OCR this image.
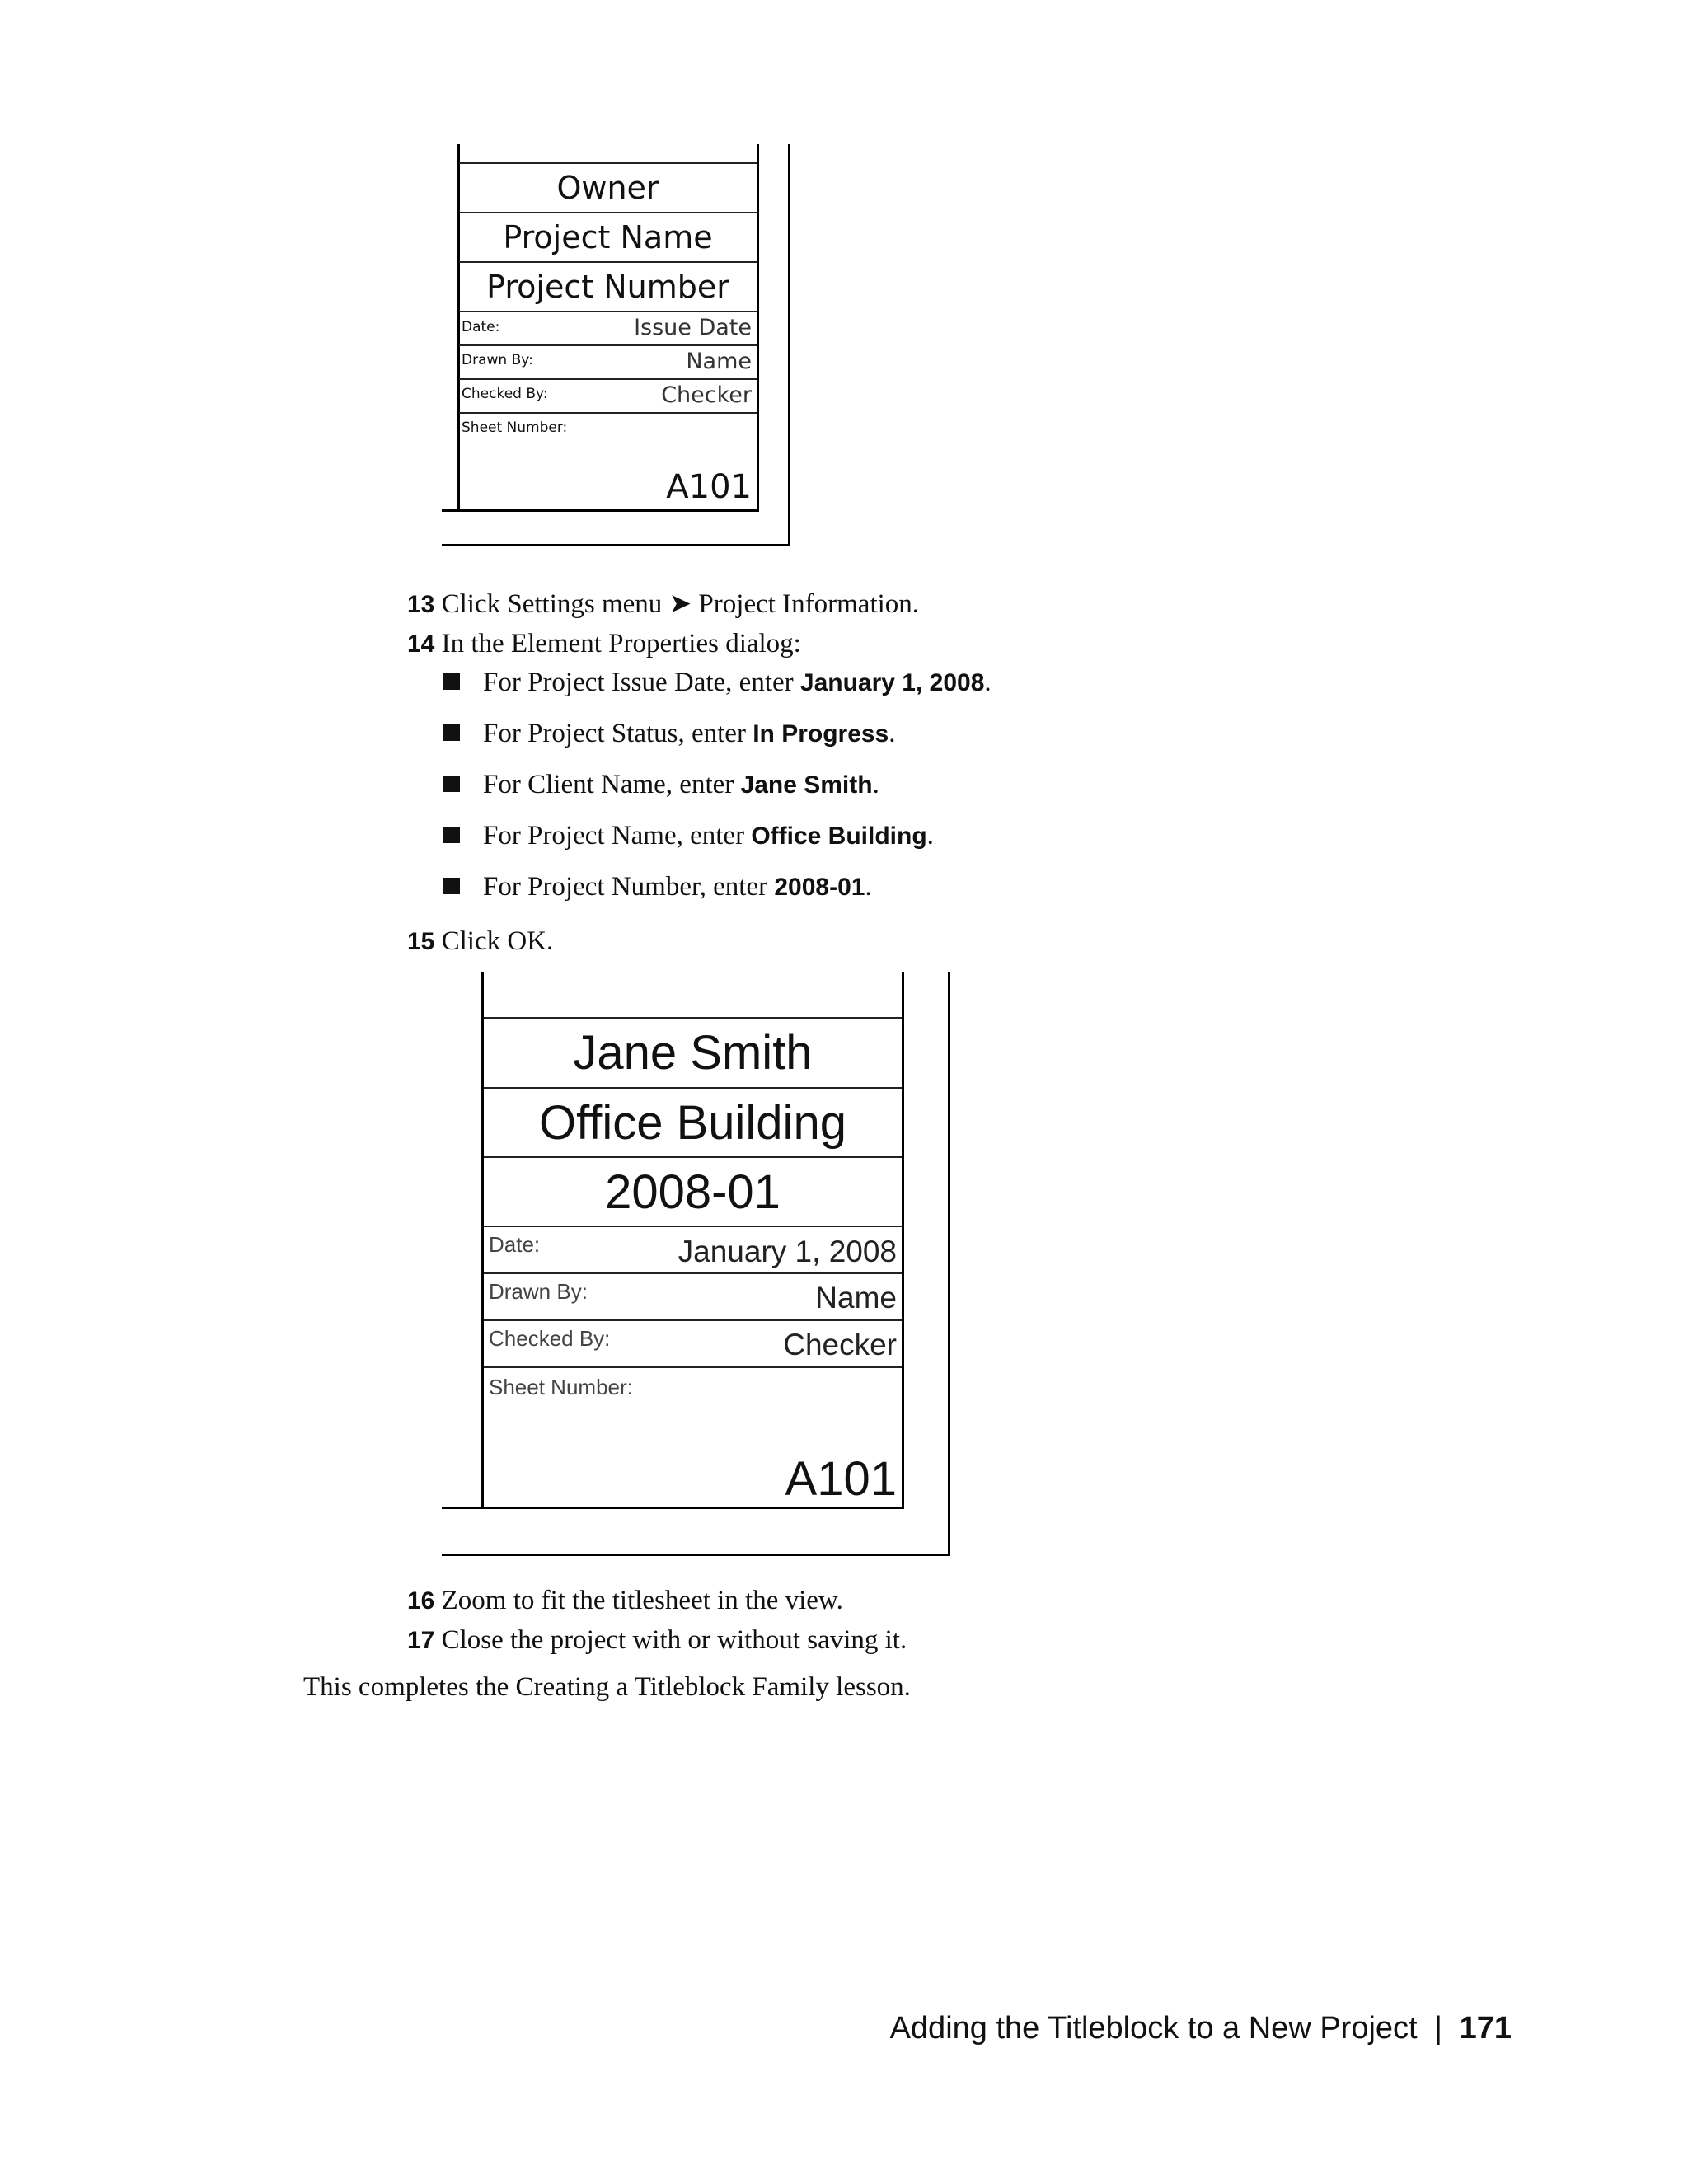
Owner
Project Name
Project Number
Date:	Issue Date
Drawn By:	Name
Checked By:	Checker
Sheet Number:
A101
13 Click Settings menu ➤ Project Information.
14 In the Element Properties dialog:
For Project Issue Date, enter January 1, 2008.
For Project Status, enter In Progress.
For Client Name, enter Jane Smith.
For Project Name, enter Office Building.
For Project Number, enter 2008-01.
15 Click OK.
Jane Smith
Office Building
2008-01
Date:	January 1, 2008
Drawn By:	Name
Checked By:	Checker
Sheet Number:
A101
16 Zoom to fit the titlesheet in the view.
17 Close the project with or without saving it.
This completes the Creating a Titleblock Family lesson.
Adding the Titleblock to a New Project | 171
